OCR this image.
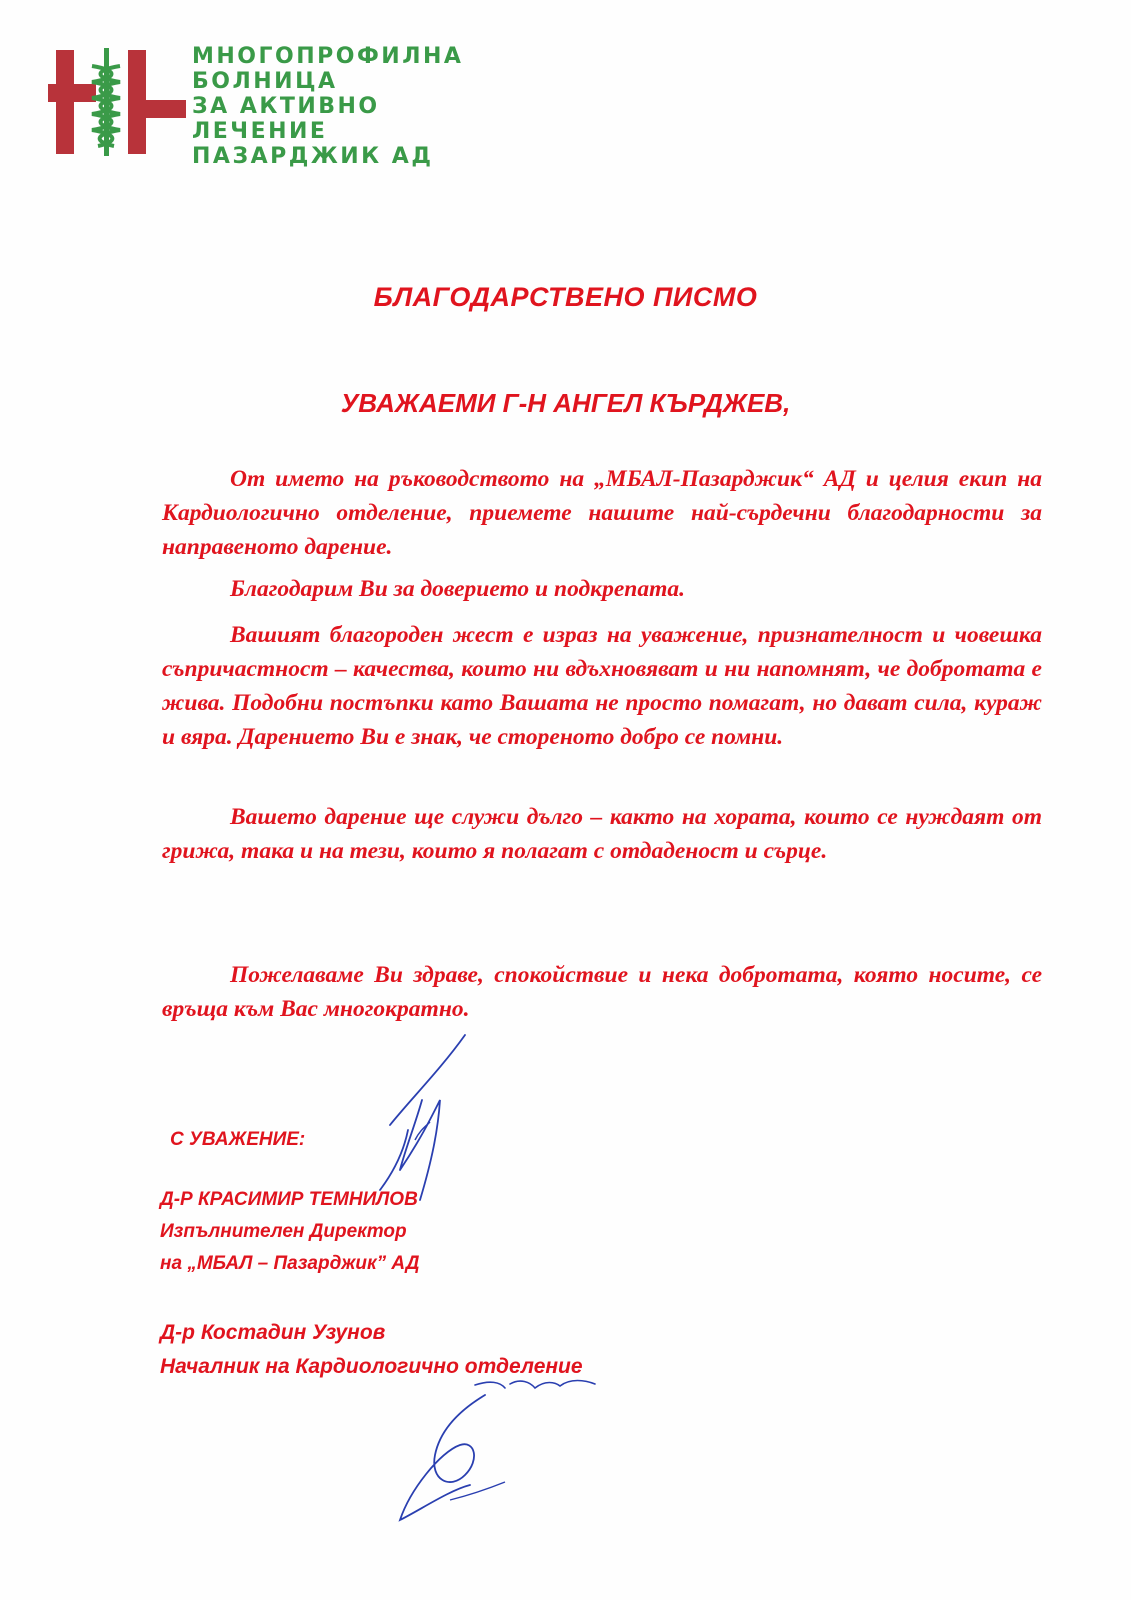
МНОГОПРОФИЛНА
БОЛНИЦА
ЗА АКТИВНО
ЛЕЧЕНИЕ
ПАЗАРДЖИК АД
БЛАГОДАРСТВЕНО ПИСМО
УВАЖАЕМИ Г-Н АНГЕЛ КЪРДЖЕВ,

От името на ръководството на „МБАЛ-Пазарджик“ АД и целия екип на Кардиологично отделение, приемете нашите най-сърдечни благодарности за направеното дарение.

Благодарим Ви за доверието и подкрепата.

Вашият благороден жест е израз на уважение, признателност и човешка съпричастност – качества, които ни вдъхновяват и ни напомнят, че добротата е жива. Подобни постъпки като Вашата не просто помагат, но дават сила, кураж и вяра. Дарението Ви е знак, че стореното добро се помни.

Вашето дарение ще служи дълго – както на хората, които се нуждаят от грижа, така и на тези, които я полагат с отдаденост и сърце.

Пожелаваме Ви здраве, спокойствие и нека добротата, която носите, се връща към Вас многократно.

С УВАЖЕНИЕ:
Д-Р КРАСИМИР ТЕМНИЛОВ
Изпълнителен Директор
на „МБАЛ – Пазарджик” АД
Д-р Костадин Узунов
Началник на Кардиологично отделение
